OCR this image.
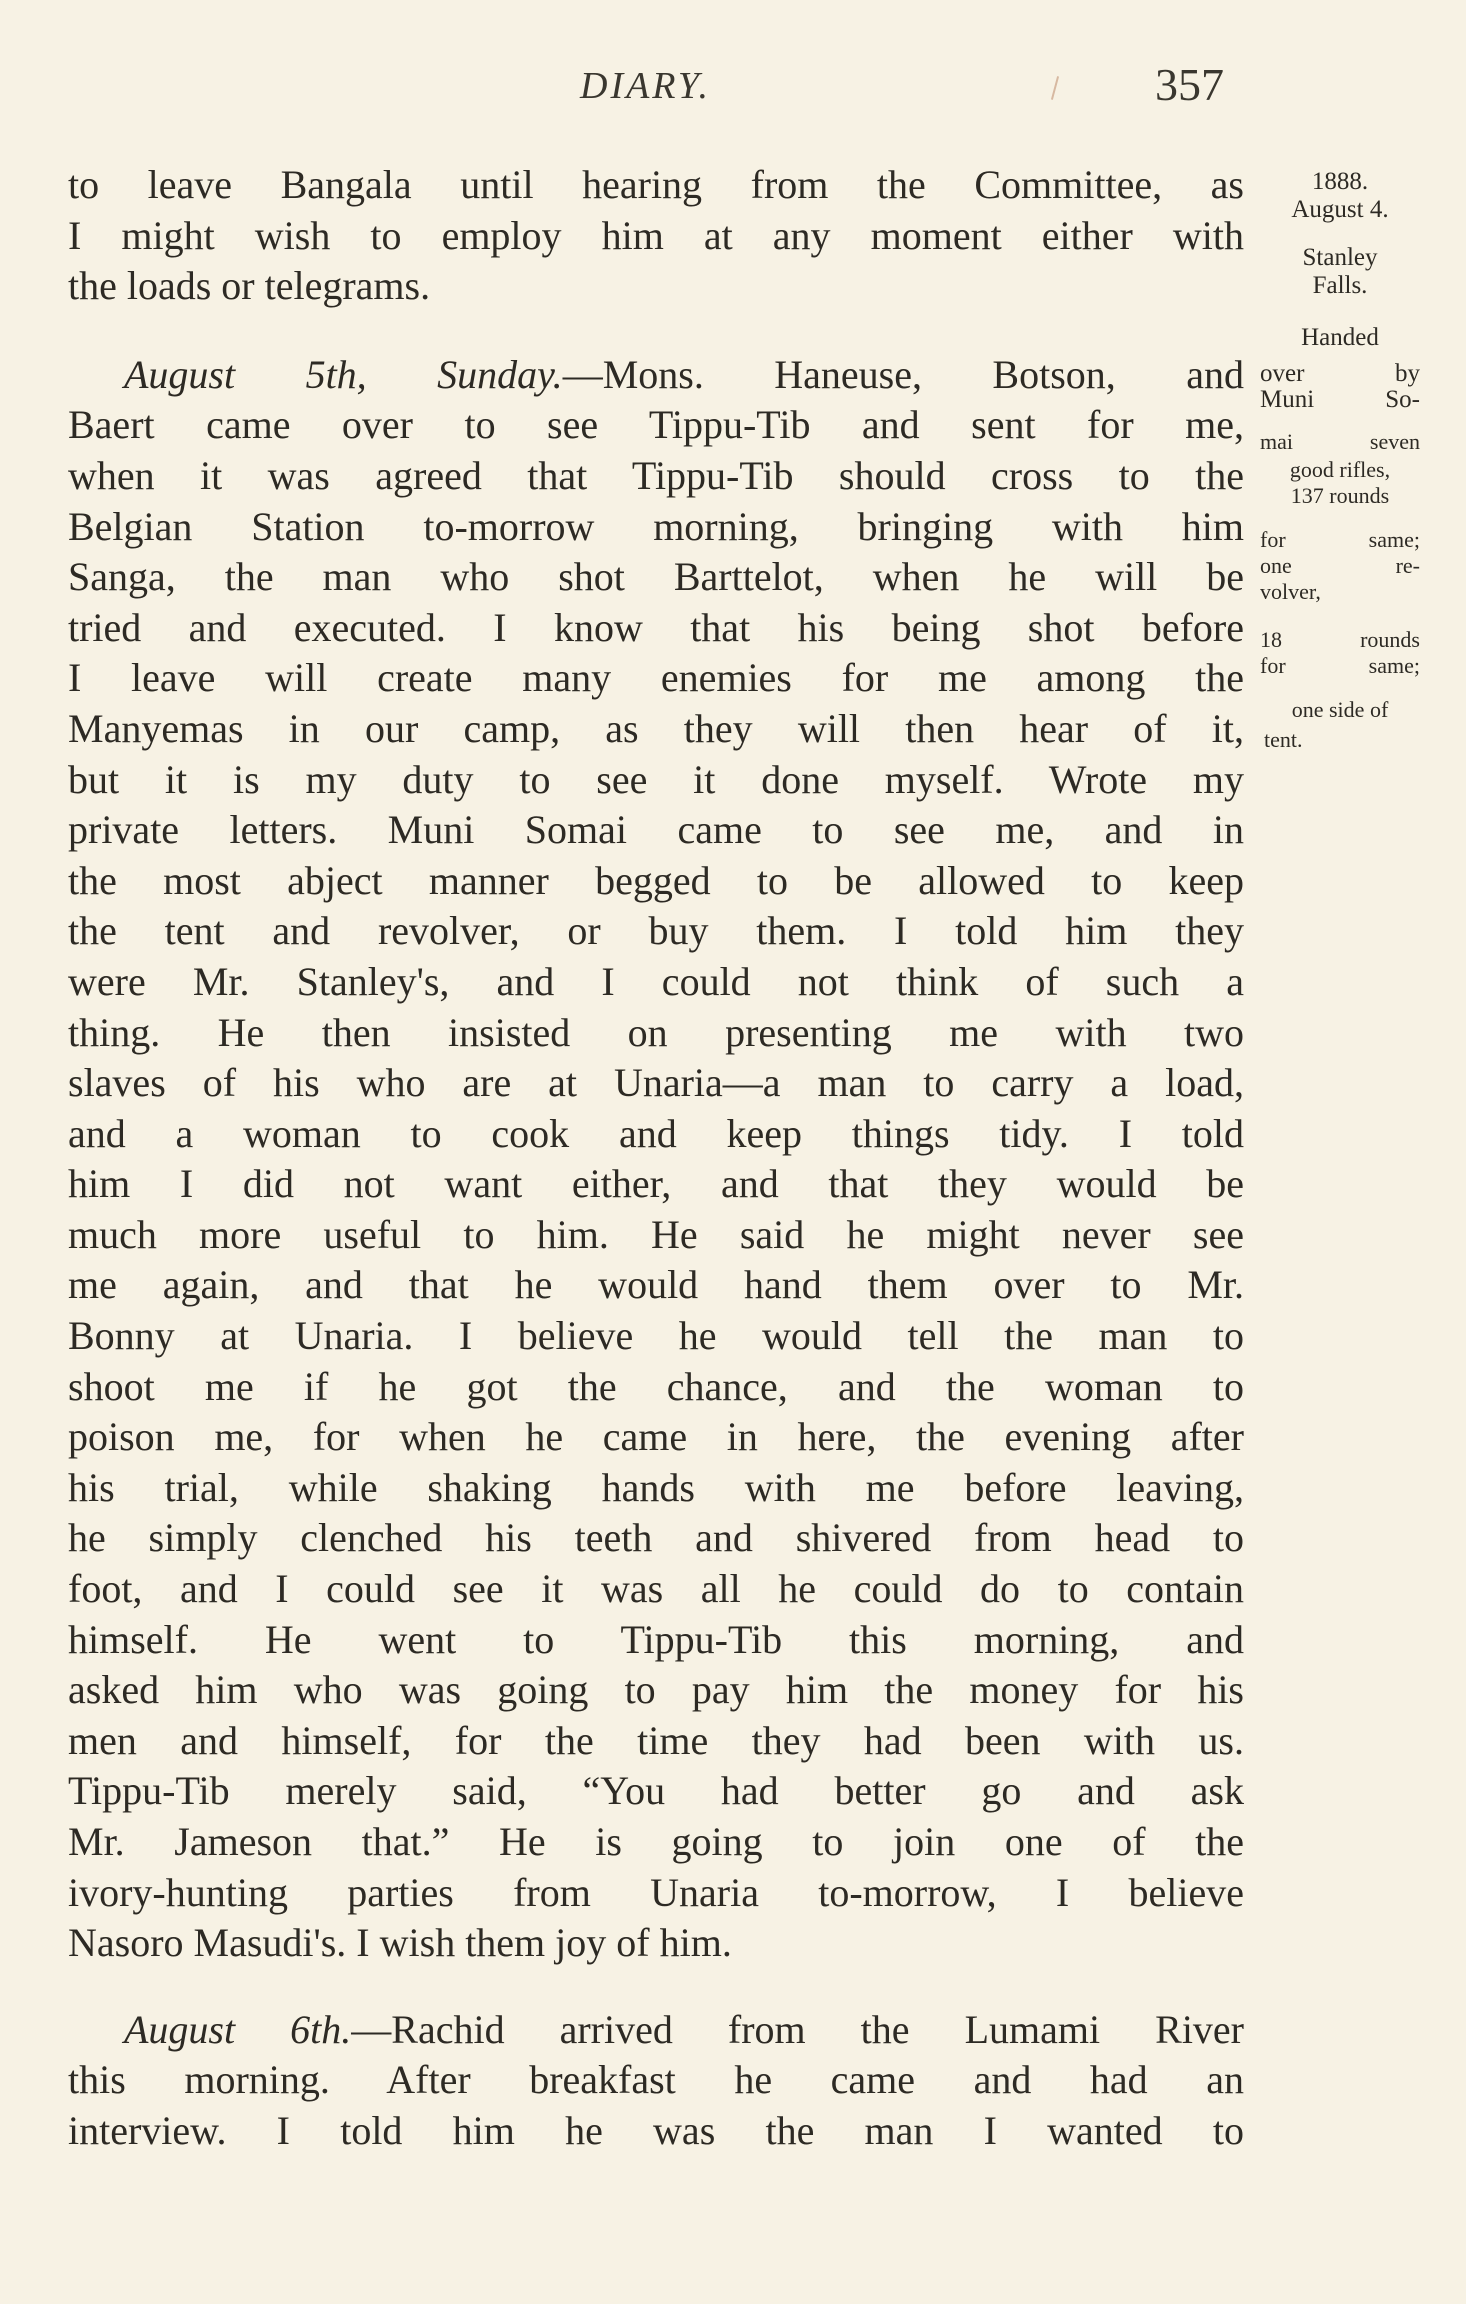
DIARY.	357
to leave Bangala until hearing from the Committee, as
I might wish to employ him at any moment either with
the loads or telegrams.
August 5th, Sunday.—Mons. Haneuse, Botson, and
Baert came over to see Tippu-Tib and sent for me,
when it was agreed that Tippu-Tib should cross to the
Belgian Station to-morrow morning, bringing with him
Sanga, the man who shot Barttelot, when he will be
tried and executed. I know that his being shot before
I leave will create many enemies for me among the
Manyemas in our camp, as they will then hear of it,
but it is my duty to see it done myself. Wrote my
private letters. Muni Somai came to see me, and in
the most abject manner begged to be allowed to keep
the tent and revolver, or buy them. I told him they
were Mr. Stanley's, and I could not think of such a
thing. He then insisted on presenting me with two
slaves of his who are at Unaria—a man to carry a load,
and a woman to cook and keep things tidy. I told
him I did not want either, and that they would be
much more useful to him. He said he might never see
me again, and that he would hand them over to Mr.
Bonny at Unaria. I believe he would tell the man to
shoot me if he got the chance, and the woman to
poison me, for when he came in here, the evening after
his trial, while shaking hands with me before leaving,
he simply clenched his teeth and shivered from head to
foot, and I could see it was all he could do to contain
himself. He went to Tippu-Tib this morning, and
asked him who was going to pay him the money for his
men and himself, for the time they had been with us.
Tippu-Tib merely said, “You had better go and ask
Mr. Jameson that.” He is going to join one of the
ivory-hunting parties from Unaria to-morrow, I believe
Nasoro Masudi's. I wish them joy of him.
August 6th.—Rachid arrived from the Lumami River
this morning. After breakfast he came and had an
interview. I told him he was the man I wanted to
1888.
August 4.
Stanley
Falls.
Handed
over by
Muni So-
mai seven
good rifles,
137 rounds
for same;
one re-
volver,
18 rounds
for same;
one side of
tent.
